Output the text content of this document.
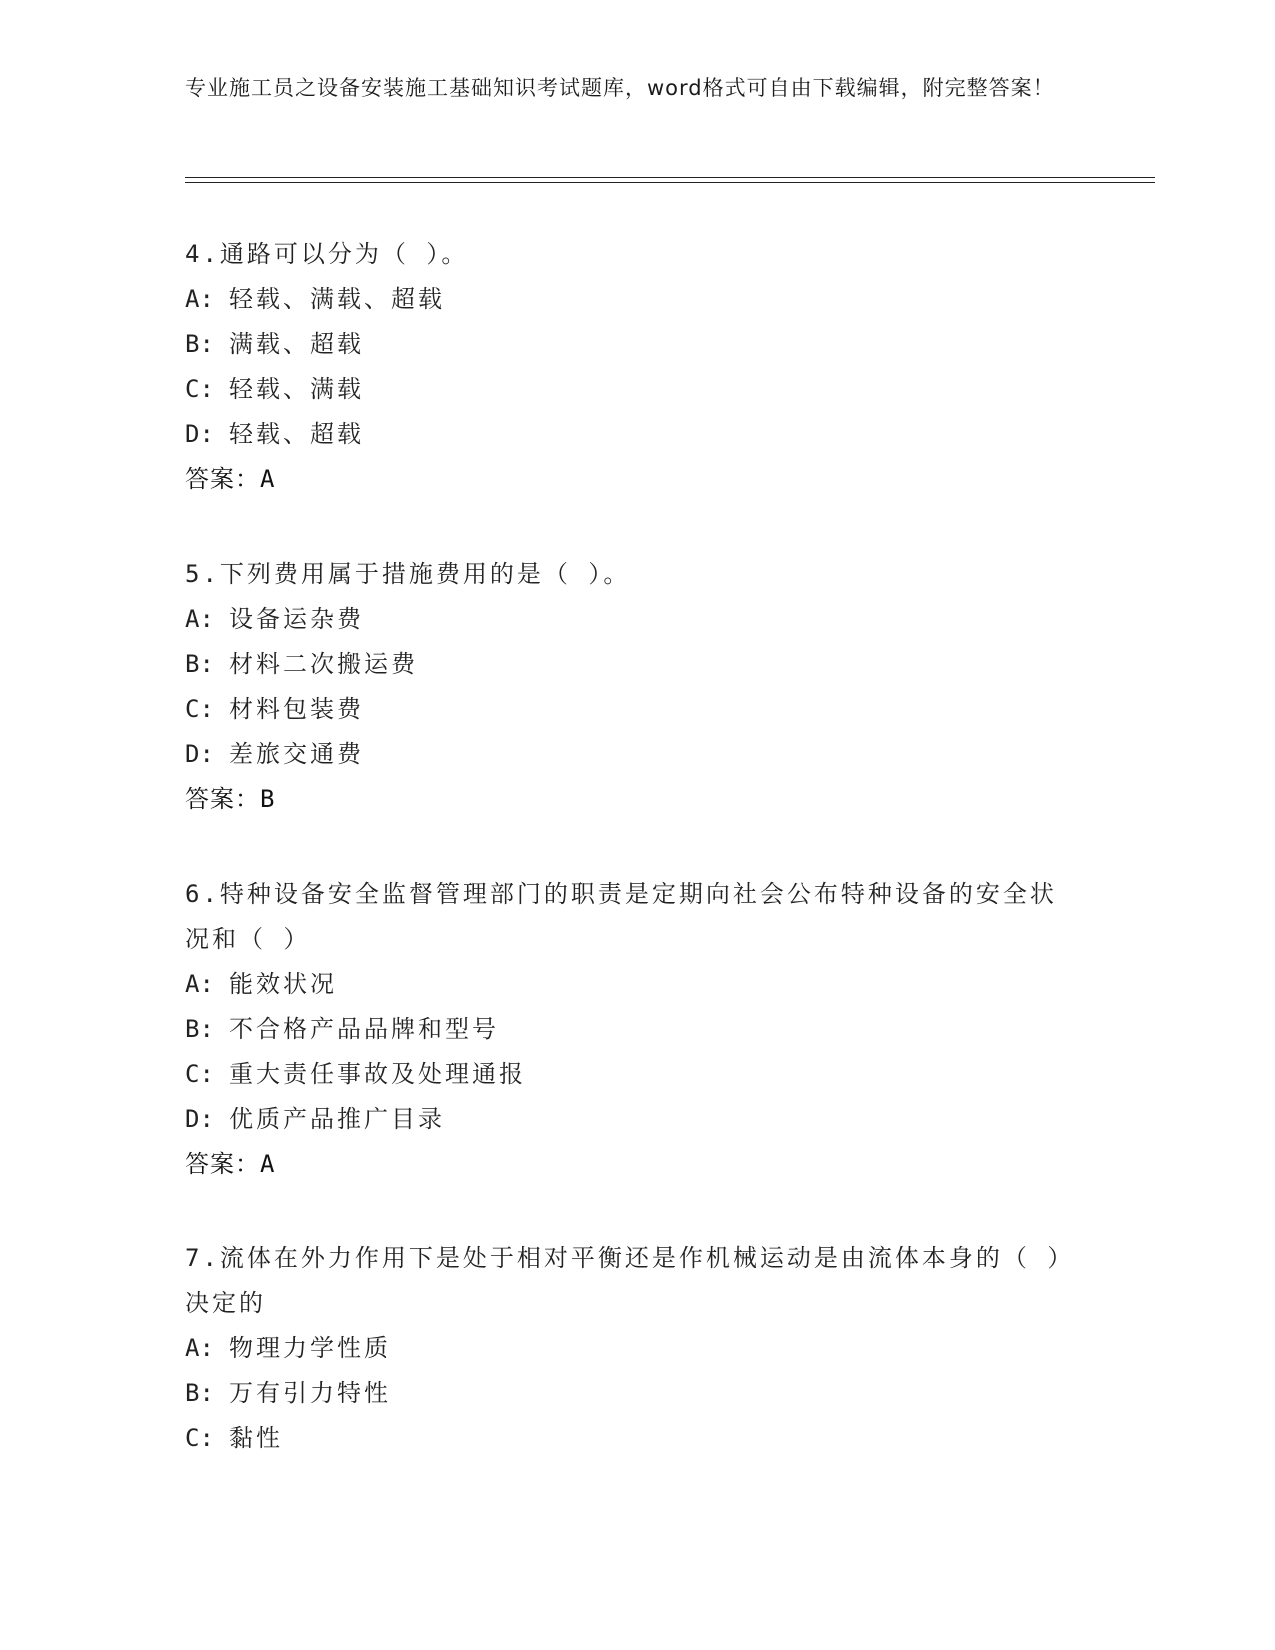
专业施工员之设备安装施工基础知识考试题库，word格式可自由下载编辑，附完整答案！
4.通路可以分为（ ）。
A: 轻载、满载、超载
B: 满载、超载
C: 轻载、满载
D: 轻载、超载
答案：A
5.下列费用属于措施费用的是（ ）。
A: 设备运杂费
B: 材料二次搬运费
C: 材料包装费
D: 差旅交通费
答案：B
6.特种设备安全监督管理部门的职责是定期向社会公布特种设备的安全状况和（ ）
A: 能效状况
B: 不合格产品品牌和型号
C: 重大责任事故及处理通报
D: 优质产品推广目录
答案：A
7.流体在外力作用下是处于相对平衡还是作机械运动是由流体本身的（ ）决定的
A: 物理力学性质
B: 万有引力特性
C: 黏性
